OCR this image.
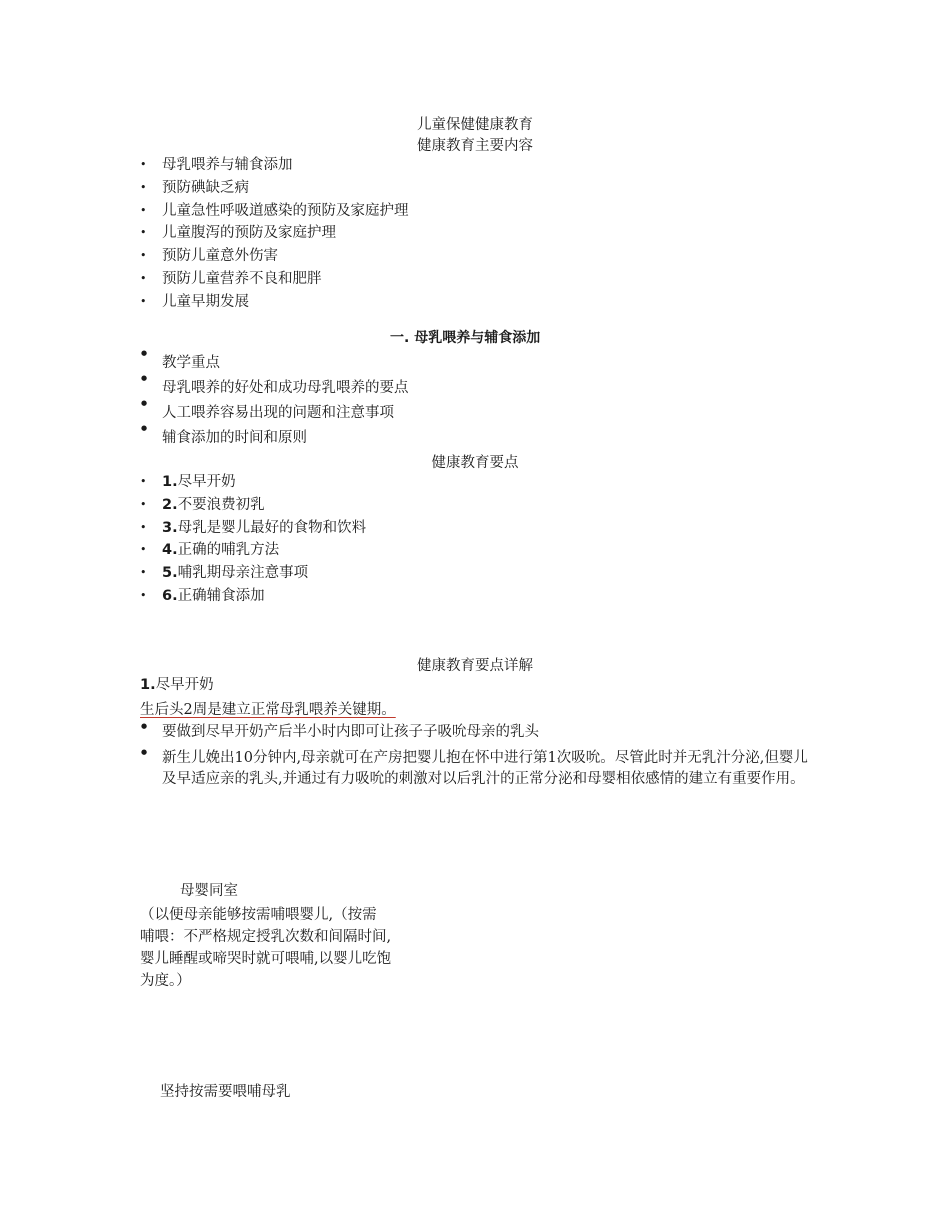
儿童保健健康教育
健康教育主要内容
• 母乳喂养与辅食添加
• 预防碘缺乏病
• 儿童急性呼吸道感染的预防及家庭护理
• 儿童腹泻的预防及家庭护理
• 预防儿童意外伤害
• 预防儿童营养不良和肥胖
• 儿童早期发展
一. 母乳喂养与辅食添加
● 教学重点
● 母乳喂养的好处和成功母乳喂养的要点
● 人工喂养容易出现的问题和注意事项
● 辅食添加的时间和原则
健康教育要点
• 1.尽早开奶
• 2.不要浪费初乳
• 3.母乳是婴儿最好的食物和饮料
• 4.正确的哺乳方法
• 5.哺乳期母亲注意事项
• 6.正确辅食添加
健康教育要点详解
1.尽早开奶
生后头2周是建立正常母乳喂养关键期。
● 要做到尽早开奶产后半小时内即可让孩子子吸吮母亲的乳头
● 新生儿娩出10分钟内,母亲就可在产房把婴儿抱在怀中进行第1次吸吮。尽管此时并无乳汁分泌,但婴儿及早适应亲的乳头,并通过有力吸吮的刺激对以后乳汁的正常分泌和母婴相依感情的建立有重要作用。
母婴同室
（以便母亲能够按需哺喂婴儿,（按需
哺喂：不严格规定授乳次数和间隔时间,
婴儿睡醒或啼哭时就可喂哺,以婴儿吃饱
为度。）
坚持按需要喂哺母乳
